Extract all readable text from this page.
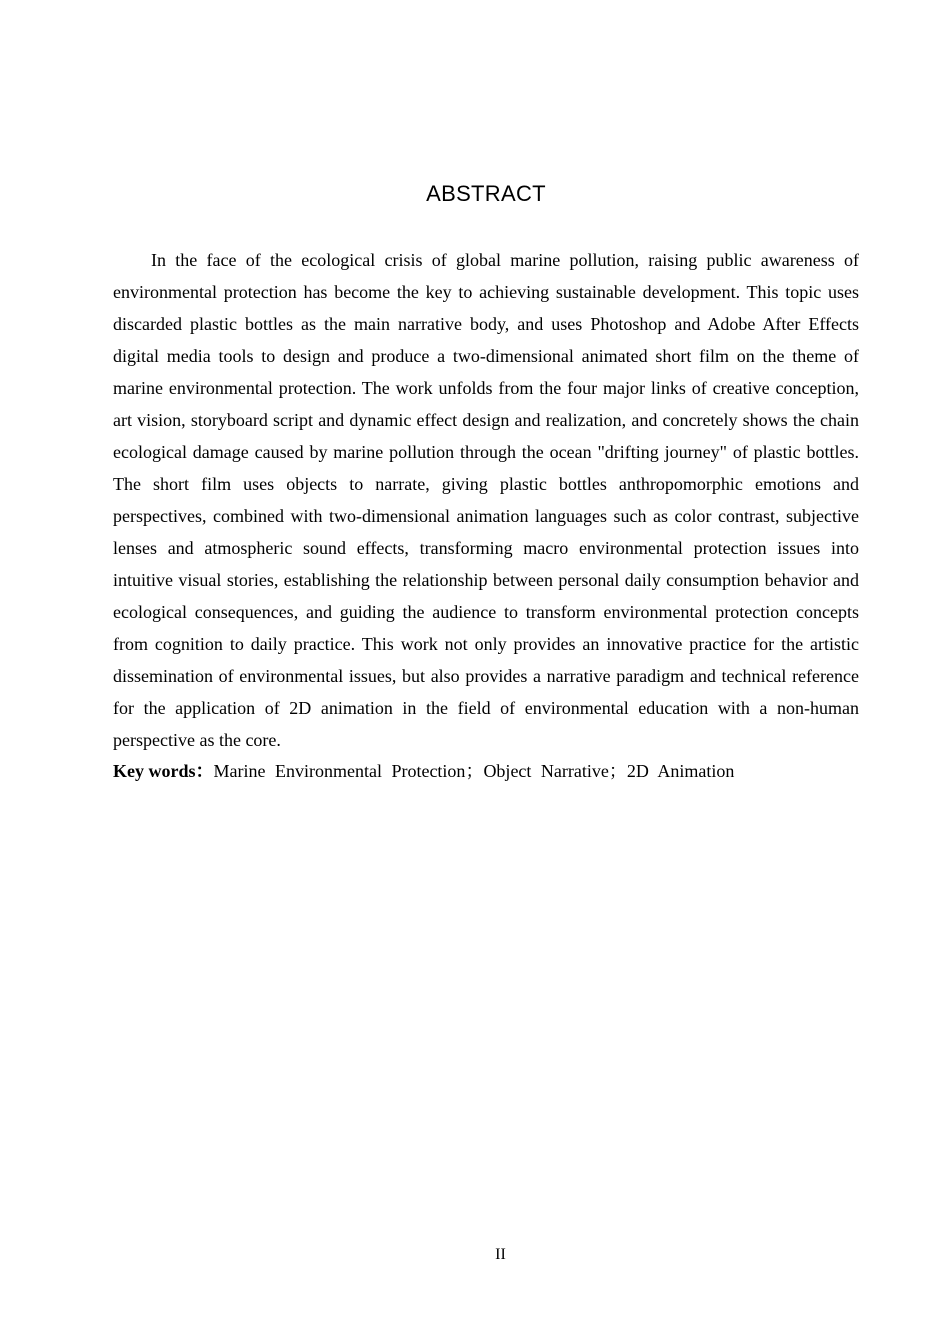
ABSTRACT

In the face of the ecological crisis of global marine pollution, raising public awareness of environmental protection has become the key to achieving sustainable development. This topic uses discarded plastic bottles as the main narrative body, and uses Photoshop and Adobe After Effects digital media tools to design and produce a two-dimensional animated short film on the theme of marine environmental protection. The work unfolds from the four major links of creative conception, art vision, storyboard script and dynamic effect design and realization, and concretely shows the chain ecological damage caused by marine pollution through the ocean "drifting journey" of plastic bottles. The short film uses objects to narrate, giving plastic bottles anthropomorphic emotions and perspectives, combined with two-dimensional animation languages such as color contrast, subjective lenses and atmospheric sound effects, transforming macro environmental protection issues into intuitive visual stories, establishing the relationship between personal daily consumption behavior and ecological consequences, and guiding the audience to transform environmental protection concepts from cognition to daily practice. This work not only provides an innovative practice for the artistic dissemination of environmental issues, but also provides a narrative paradigm and technical reference for the application of 2D animation in the field of environmental education with a non-human perspective as the core.

Key words：Marine Environmental Protection；Object Narrative；2D Animation

II
